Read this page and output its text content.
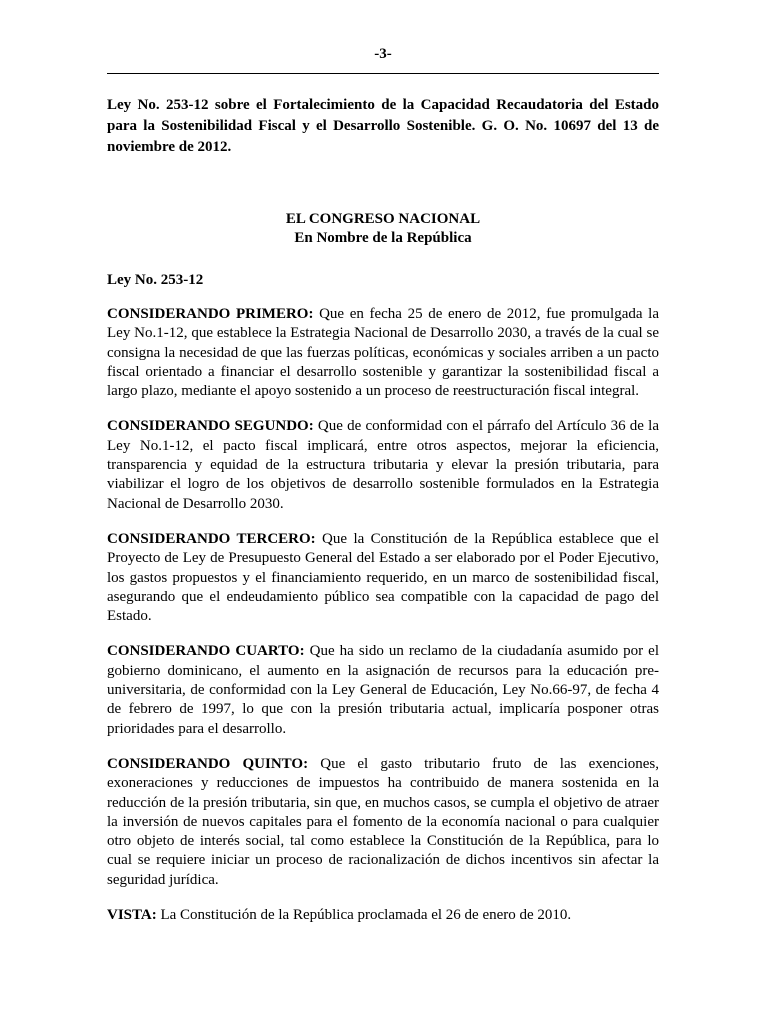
-3-

Ley No. 253-12 sobre el Fortalecimiento de la Capacidad Recaudatoria del Estado para la Sostenibilidad Fiscal y el Desarrollo Sostenible. G. O. No. 10697 del 13 de noviembre de 2012.

EL CONGRESO NACIONAL
En Nombre de la República

Ley No. 253-12

CONSIDERANDO PRIMERO: Que en fecha 25 de enero de 2012, fue promulgada la Ley No.1-12, que establece la Estrategia Nacional de Desarrollo 2030, a través de la cual se consigna la necesidad de que las fuerzas políticas, económicas y sociales arriben a un pacto fiscal orientado a financiar el desarrollo sostenible y garantizar la sostenibilidad fiscal a largo plazo, mediante el apoyo sostenido a un proceso de reestructuración fiscal integral.

CONSIDERANDO SEGUNDO: Que de conformidad con el párrafo del Artículo 36 de la Ley No.1-12, el pacto fiscal implicará, entre otros aspectos, mejorar la eficiencia, transparencia y equidad de la estructura tributaria y elevar la presión tributaria, para viabilizar el logro de los objetivos de desarrollo sostenible formulados en la Estrategia Nacional de Desarrollo 2030.

CONSIDERANDO TERCERO: Que la Constitución de la República establece que el Proyecto de Ley de Presupuesto General del Estado a ser elaborado por el Poder Ejecutivo, los gastos propuestos y el financiamiento requerido, en un marco de sostenibilidad fiscal, asegurando que el endeudamiento público sea compatible con la capacidad de pago del Estado.

CONSIDERANDO CUARTO: Que ha sido un reclamo de la ciudadanía asumido por el gobierno dominicano, el aumento en la asignación de recursos para la educación pre-universitaria, de conformidad con la Ley General de Educación, Ley No.66-97, de fecha 4 de febrero de 1997, lo que con la presión tributaria actual, implicaría posponer otras prioridades para el desarrollo.

CONSIDERANDO QUINTO: Que el gasto tributario fruto de las exenciones, exoneraciones y reducciones de impuestos ha contribuido de manera sostenida en la reducción de la presión tributaria, sin que, en muchos casos, se cumpla el objetivo de atraer la inversión de nuevos capitales para el fomento de la economía nacional o para cualquier otro objeto de interés social, tal como establece la Constitución de la República, para lo cual se requiere iniciar un proceso de racionalización de dichos incentivos sin afectar la seguridad jurídica.

VISTA: La Constitución de la República proclamada el 26 de enero de 2010.
